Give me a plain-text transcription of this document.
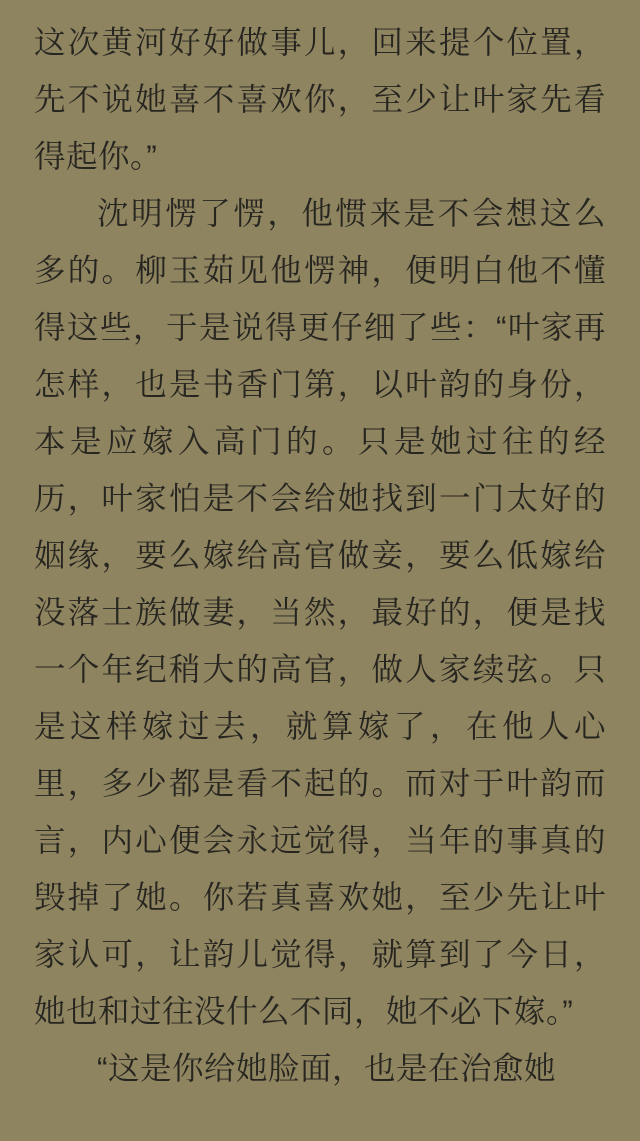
这次黄河好好做事儿，回来提个位置，先不说她喜不喜欢你，至少让叶家先看得起你。”

沈明愣了愣，他惯来是不会想这么多的。柳玉茹见他愣神，便明白他不懂得这些，于是说得更仔细了些：“叶家再怎样，也是书香门第，以叶韵的身份，本是应嫁入高门的。只是她过往的经历，叶家怕是不会给她找到一门太好的姻缘，要么嫁给高官做妾，要么低嫁给没落士族做妻，当然，最好的，便是找一个年纪稍大的高官，做人家续弦。只是这样嫁过去，就算嫁了，在他人心里，多少都是看不起的。而对于叶韵而言，内心便会永远觉得，当年的事真的毁掉了她。你若真喜欢她，至少先让叶家认可，让韵儿觉得，就算到了今日，她也和过往没什么不同，她不必下嫁。”

“这是你给她脸面，也是在治愈她
